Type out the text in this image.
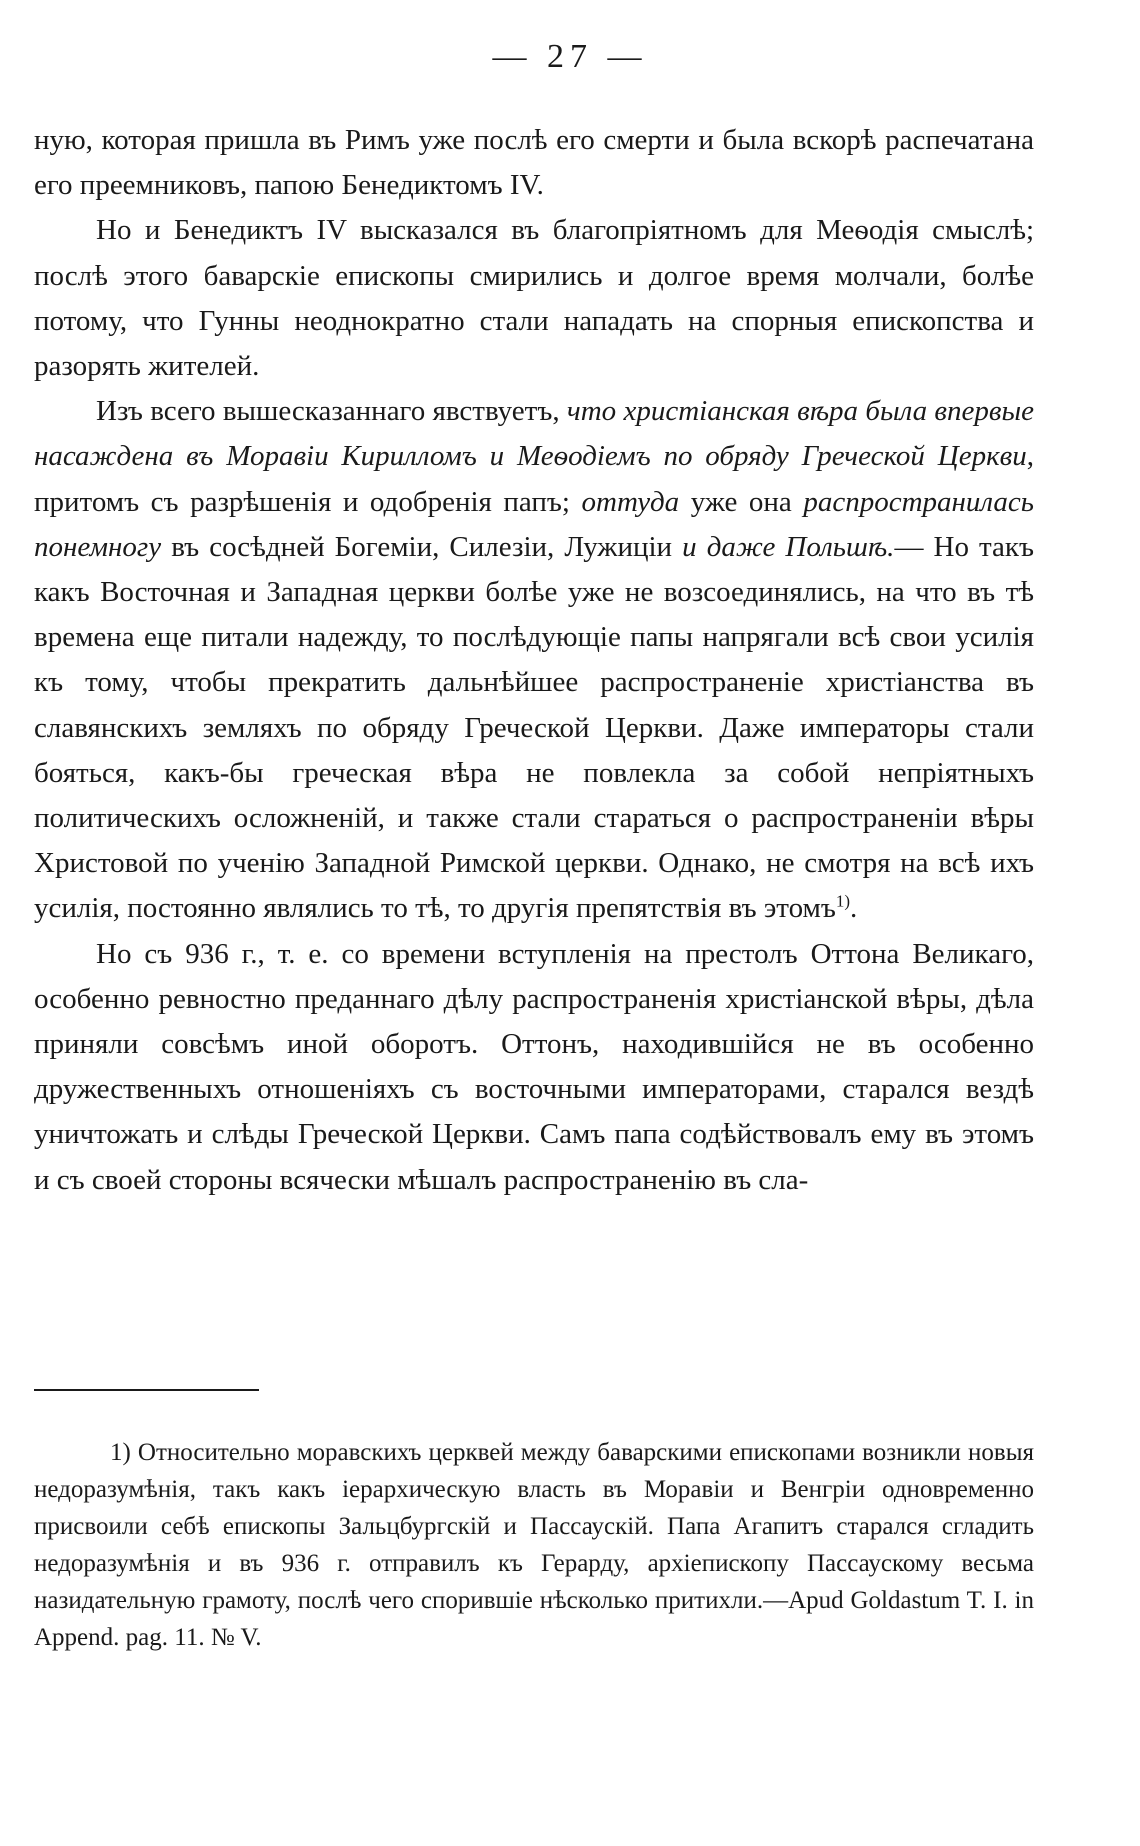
— 27 —

ную, которая пришла въ Римъ уже послѣ его смерти и была вскорѣ распечатана его преемниковъ, папою Бенедиктомъ IV.

Но и Бенедиктъ IV высказался въ благопріятномъ для Меѳодія смыслѣ; послѣ этого баварскіе епископы смирились и долгое время молчали, болѣе потому, что Гунны неоднократно стали нападать на спорныя епископства и разорять жителей.

Изъ всего вышесказаннаго явствуетъ, что христіанская вѣра была впервые насаждена въ Моравіи Кирилломъ и Меѳодіемъ по обряду Греческой Церкви, притомъ съ разрѣшенія и одобренія папъ; оттуда уже она распространилась понемногу въ сосѣдней Богеміи, Силезіи, Лужиціи и даже Польшѣ.— Но такъ какъ Восточная и Западная церкви болѣе уже не возсоединялись, на что въ тѣ времена еще питали надежду, то послѣдующіе папы напрягали всѣ свои усилія къ тому, чтобы прекратить дальнѣйшее распространеніе христіанства въ славянскихъ земляхъ по обряду Греческой Церкви. Даже императоры стали бояться, какъ-бы греческая вѣра не повлекла за собой непріятныхъ политическихъ осложненій, и также стали стараться о распространеніи вѣры Христовой по ученію Западной Римской церкви. Однако, не смотря на всѣ ихъ усилія, постоянно являлись то тѣ, то другія препятствія въ этомъ$^{1)}$.

Но съ 936 г., т. е. со времени вступленія на престолъ Оттона Великаго, особенно ревностно преданнаго дѣлу распространенія христіанской вѣры, дѣла приняли совсѣмъ иной оборотъ. Оттонъ, находившійся не въ особенно дружественныхъ отношеніяхъ съ восточными императорами, старался вездѣ уничтожать и слѣды Греческой Церкви. Самъ папа содѣйствовалъ ему въ этомъ и съ своей стороны всячески мѣшалъ распространенію въ сла-

1) Относительно моравскихъ церквей между баварскими епископами возникли новыя недоразумѣнія, такъ какъ іерархическую власть въ Моравіи и Венгріи одновременно присвоили себѣ епископы Зальцбургскій и Пассаускій. Папа Агапитъ старался сгладить недоразумѣнія и въ 936 г. отправилъ къ Герарду, архіепископу Пассаускому весьма назидательную грамоту, послѣ чего спорившіе нѣсколько притихли.—Apud Goldastum T. I. in Append. pag. 11. № V.
